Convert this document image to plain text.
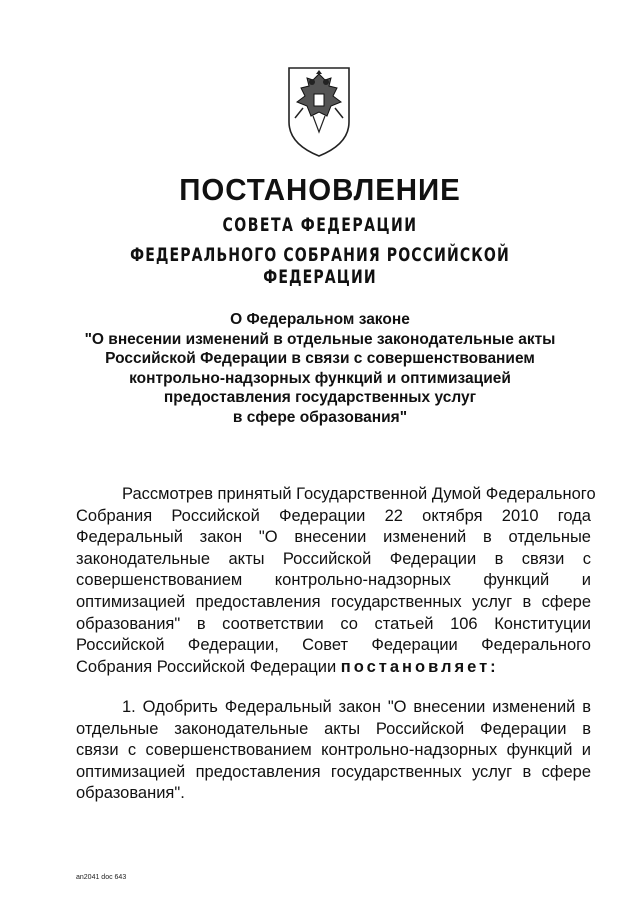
ПОСТАНОВЛЕНИЕ
СОВЕТА ФЕДЕРАЦИИ
ФЕДЕРАЛЬНОГО СОБРАНИЯ РОССИЙСКОЙ ФЕДЕРАЦИИ
О Федеральном законе
"О внесении изменений в отдельные законодательные акты
Российской Федерации в связи с совершенствованием
контрольно-надзорных функций и оптимизацией
предоставления государственных услуг
в сфере образования"
Рассмотрев принятый Государственной Думой Федерального
Собрания Российской Федерации 22 октября 2010 года
Федеральный закон "О внесении изменений в отдельные
законодательные акты Российской Федерации в связи с
совершенствованием контрольно-надзорных функций и
оптимизацией предоставления государственных услуг в сфере
образования" в соответствии со статьей 106 Конституции
Российской Федерации, Совет Федерации Федерального
Собрания Российской Федерации постановляет:
1. Одобрить Федеральный закон "О внесении изменений в
отдельные законодательные акты Российской Федерации в
связи с совершенствованием контрольно-надзорных функций и
оптимизацией предоставления государственных услуг в сфере
образования".
an2041 doc 643
